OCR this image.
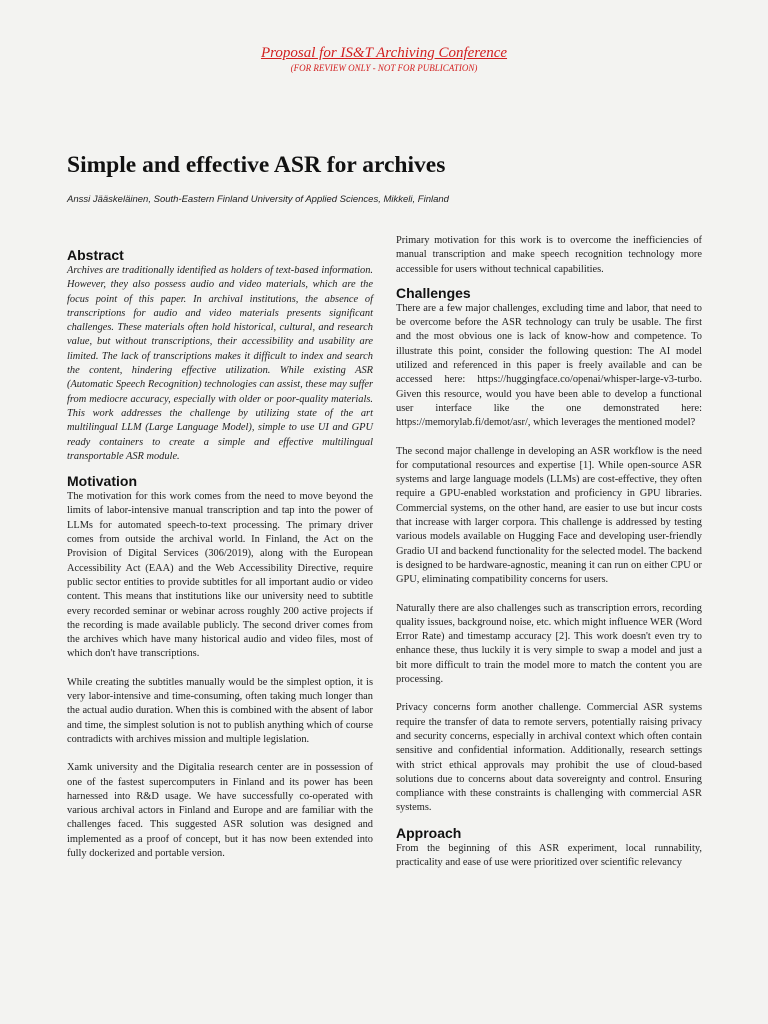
Proposal for IS&T Archiving Conference
(FOR REVIEW ONLY - NOT FOR PUBLICATION)
Simple and effective ASR for archives
Anssi Jääskeläinen, South-Eastern Finland University of Applied Sciences, Mikkeli, Finland
Abstract

Archives are traditionally identified as holders of text-based information. However, they also possess audio and video materials, which are the focus point of this paper. In archival institutions, the absence of transcriptions for audio and video materials presents significant challenges. These materials often hold historical, cultural, and research value, but without transcriptions, their accessibility and usability are limited. The lack of transcriptions makes it difficult to index and search the content, hindering effective utilization. While existing ASR (Automatic Speech Recognition) technologies can assist, these may suffer from mediocre accuracy, especially with older or poor-quality materials. This work addresses the challenge by utilizing state of the art multilingual LLM (Large Language Model), simple to use UI and GPU ready containers to create a simple and effective multilingual transportable ASR module.

Motivation

The motivation for this work comes from the need to move beyond the limits of labor-intensive manual transcription and tap into the power of LLMs for automated speech-to-text processing. The primary driver comes from outside the archival world. In Finland, the Act on the Provision of Digital Services (306/2019), along with the European Accessibility Act (EAA) and the Web Accessibility Directive, require public sector entities to provide subtitles for all important audio or video content. This means that institutions like our university need to subtitle every recorded seminar or webinar across roughly 200 active projects if the recording is made available publicly. The second driver comes from the archives which have many historical audio and video files, most of which don't have transcriptions.

While creating the subtitles manually would be the simplest option, it is very labor-intensive and time-consuming, often taking much longer than the actual audio duration. When this is combined with the absent of labor and time, the simplest solution is not to publish anything which of course contradicts with archives mission and multiple legislation.

Xamk university and the Digitalia research center are in possession of one of the fastest supercomputers in Finland and its power has been harnessed into R&D usage. We have successfully co-operated with various archival actors in Finland and Europe and are familiar with the challenges faced. This suggested ASR solution was designed and implemented as a proof of concept, but it has now been extended into fully dockerized and portable version.

Primary motivation for this work is to overcome the inefficiencies of manual transcription and make speech recognition technology more accessible for users without technical capabilities.

Challenges

There are a few major challenges, excluding time and labor, that need to be overcome before the ASR technology can truly be usable. The first and the most obvious one is lack of know-how and competence. To illustrate this point, consider the following question: The AI model utilized and referenced in this paper is freely available and can be accessed here: https://huggingface.co/openai/whisper-large-v3-turbo. Given this resource, would you have been able to develop a functional user interface like the one demonstrated here: https://memorylab.fi/demot/asr/, which leverages the mentioned model?

The second major challenge in developing an ASR workflow is the need for computational resources and expertise [1]. While open-source ASR systems and large language models (LLMs) are cost-effective, they often require a GPU-enabled workstation and proficiency in GPU libraries. Commercial systems, on the other hand, are easier to use but incur costs that increase with larger corpora. This challenge is addressed by testing various models available on Hugging Face and developing user-friendly Gradio UI and backend functionality for the selected model. The backend is designed to be hardware-agnostic, meaning it can run on either CPU or GPU, eliminating compatibility concerns for users.

Naturally there are also challenges such as transcription errors, recording quality issues, background noise, etc. which might influence WER (Word Error Rate) and timestamp accuracy [2]. This work doesn't even try to enhance these, thus luckily it is very simple to swap a model and just a bit more difficult to train the model more to match the content you are processing.

Privacy concerns form another challenge. Commercial ASR systems require the transfer of data to remote servers, potentially raising privacy and security concerns, especially in archival context which often contain sensitive and confidential information. Additionally, research settings with strict ethical approvals may prohibit the use of cloud-based solutions due to concerns about data sovereignty and control. Ensuring compliance with these constraints is challenging with commercial ASR systems.

Approach

From the beginning of this ASR experiment, local runnability, practicality and ease of use were prioritized over scientific relevancy
